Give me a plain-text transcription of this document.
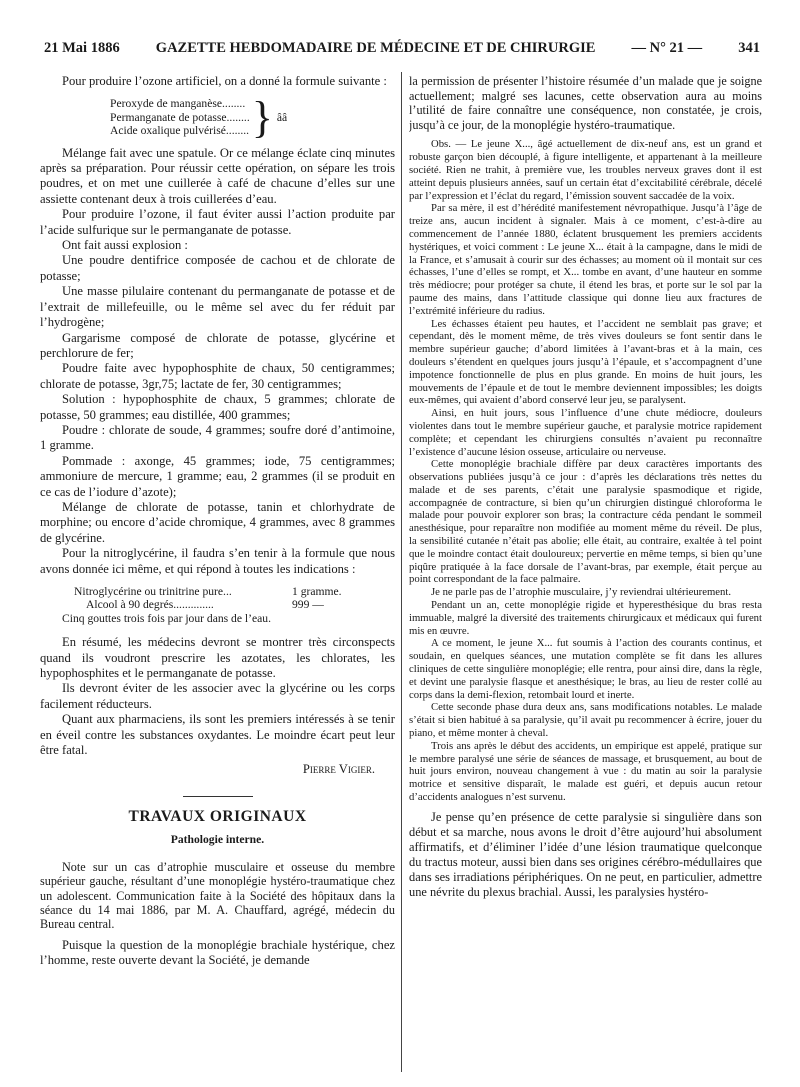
21 Mai 1886 GAZETTE HEBDOMADAIRE DE MÉDECINE ET DE CHIRURGIE — N° 21 — 341

Pour produire l’ozone artificiel, on a donné la formule suivante :

Peroxyde de manganèse........
Permanganate de potasse........
Acide oxalique pulvérisé........ } ââ

Mélange fait avec une spatule. Or ce mélange éclate cinq minutes après sa préparation. Pour réussir cette opération, on sépare les trois poudres, et on met une cuillerée à café de chacune d’elles sur une assiette contenant deux à trois cuillerées d’eau.

Pour produire l’ozone, il faut éviter aussi l’action produite par l’acide sulfurique sur le permanganate de potasse.

Ont fait aussi explosion :

Une poudre dentifrice composée de cachou et de chlorate de potasse;

Une masse pilulaire contenant du permanganate de potasse et de l’extrait de millefeuille, ou le même sel avec du fer réduit par l’hydrogène;

Gargarisme composé de chlorate de potasse, glycérine et perchlorure de fer;

Poudre faite avec hypophosphite de chaux, 50 centigrammes; chlorate de potasse, 3gr,75; lactate de fer, 30 centigrammes;

Solution : hypophosphite de chaux, 5 grammes; chlorate de potasse, 50 grammes; eau distillée, 400 grammes;

Poudre : chlorate de soude, 4 grammes; soufre doré d’antimoine, 1 gramme.

Pommade : axonge, 45 grammes; iode, 75 centigrammes; ammoniure de mercure, 1 gramme; eau, 2 grammes (il se produit en ce cas de l’iodure d’azote);

Mélange de chlorate de potasse, tanin et chlorhydrate de morphine; ou encore d’acide chromique, 4 grammes, avec 8 grammes de glycérine.

Pour la nitroglycérine, il faudra s’en tenir à la formule que nous avons donnée ici même, et qui répond à toutes les indications :

Nitroglycérine ou trinitrine pure...	1 gramme.
Alcool à 90 degrés..............	999 —
Cinq gouttes trois fois par jour dans de l’eau.

En résumé, les médecins devront se montrer très circonspects quand ils voudront prescrire les azotates, les chlorates, les hypophosphites et le permanganate de potasse.

Ils devront éviter de les associer avec la glycérine ou les corps facilement réducteurs.

Quant aux pharmaciens, ils sont les premiers intéressés à se tenir en éveil contre les substances oxydantes. Le moindre écart peut leur être fatal.

Pierre Vigier.

TRAVAUX ORIGINAUX
Pathologie interne.

Note sur un cas d’atrophie musculaire et osseuse du membre supérieur gauche, résultant d’une monoplégie hystéro-traumatique chez un adolescent. Communication faite à la Société des hôpitaux dans la séance du 14 mai 1886, par M. A. Chauffard, agrégé, médecin du Bureau central.

Puisque la question de la monoplégie brachiale hystérique, chez l’homme, reste ouverte devant la Société, je demande

la permission de présenter l’histoire résumée d’un malade que je soigne actuellement; malgré ses lacunes, cette observation aura au moins l’utilité de faire connaître une conséquence, non constatée, je crois, jusqu’à ce jour, de la monoplégie hystéro-traumatique.

Obs. — Le jeune X..., âgé actuellement de dix-neuf ans, est un grand et robuste garçon bien découplé, à figure intelligente, et appartenant à la meilleure société. Rien ne trahit, à première vue, les troubles nerveux graves dont il est atteint depuis plusieurs années, sauf un certain état d’excitabilité cérébrale, décelé par l’expression et l’éclat du regard, l’émission souvent saccadée de la voix.

Par sa mère, il est d’hérédité manifestement névropathique. Jusqu’à l’âge de treize ans, aucun incident à signaler. Mais à ce moment, c’est-à-dire au commencement de l’année 1880, éclatent brusquement les premiers accidents hystériques, et voici comment : Le jeune X... était à la campagne, dans le midi de la France, et s’amusait à courir sur des échasses; au moment où il montait sur ces échasses, l’une d’elles se rompt, et X... tombe en avant, d’une hauteur en somme très médiocre; pour protéger sa chute, il étend les bras, et porte sur le sol par la paume des mains, dans l’attitude classique qui donne lieu aux fractures de l’extrémité inférieure du radius.

Les échasses étaient peu hautes, et l’accident ne semblait pas grave; et cependant, dès le moment même, de très vives douleurs se font sentir dans le membre supérieur gauche; d’abord limitées à l’avant-bras et à la main, ces douleurs s’étendent en quelques jours jusqu’à l’épaule, et s’accompagnent d’une impotence fonctionnelle de plus en plus grande. En moins de huit jours, les mouvements de l’épaule et de tout le membre deviennent impossibles; les doigts eux-mêmes, qui avaient d’abord conservé leur jeu, se paralysent.

Ainsi, en huit jours, sous l’influence d’une chute médiocre, douleurs violentes dans tout le membre supérieur gauche, et paralysie motrice rapidement complète; et cependant les chirurgiens consultés n’avaient pu reconnaître l’existence d’aucune lésion osseuse, articulaire ou nerveuse.

Cette monoplégie brachiale diffère par deux caractères importants des observations publiées jusqu’à ce jour : d’après les déclarations très nettes du malade et de ses parents, c’était une paralysie spasmodique et rigide, accompagnée de contracture, si bien qu’un chirurgien distingué chloroforma le malade pour pouvoir explorer son bras; la contracture céda pendant le sommeil anesthésique, pour reparaître non modifiée au moment même du réveil. De plus, la sensibilité cutanée n’était pas abolie; elle était, au contraire, exaltée à tel point que le moindre contact était douloureux; pervertie en même temps, si bien qu’une piqûre pratiquée à la face dorsale de l’avant-bras, par exemple, était perçue au point correspondant de la face palmaire.

Je ne parle pas de l’atrophie musculaire, j’y reviendrai ultérieurement.

Pendant un an, cette monoplégie rigide et hyperesthésique du bras resta immuable, malgré la diversité des traitements chirurgicaux et médicaux qui furent mis en œuvre.

A ce moment, le jeune X... fut soumis à l’action des courants continus, et soudain, en quelques séances, une mutation complète se fit dans les allures cliniques de cette singulière monoplégie; elle rentra, pour ainsi dire, dans la règle, et devint une paralysie flasque et anesthésique; le bras, au lieu de rester collé au corps dans la demi-flexion, retombait lourd et inerte.

Cette seconde phase dura deux ans, sans modifications notables. Le malade s’était si bien habitué à sa paralysie, qu’il avait pu recommencer à écrire, jouer du piano, et même monter à cheval.

Trois ans après le début des accidents, un empirique est appelé, pratique sur le membre paralysé une série de séances de massage, et brusquement, au bout de huit jours environ, nouveau changement à vue : du matin au soir la paralysie motrice et sensitive disparaît, le malade est guéri, et depuis aucun retour d’accidents analogues n’est survenu.

Je pense qu’en présence de cette paralysie si singulière dans son début et sa marche, nous avons le droit d’être aujourd’hui absolument affirmatifs, et d’éliminer l’idée d’une lésion traumatique quelconque du tractus moteur, aussi bien dans ses origines cérébro-médullaires que dans ses irradiations périphériques. On ne peut, en particulier, admettre une névrite du plexus brachial. Aussi, les paralysies hystéro-
